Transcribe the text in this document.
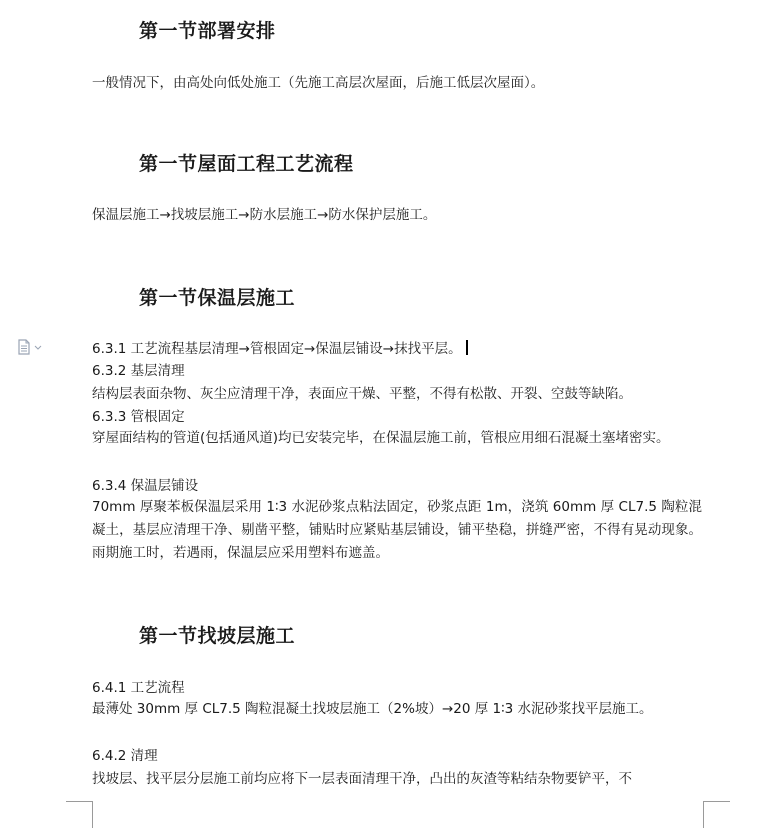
第一节部署安排
一般情况下，由高处向低处施工（先施工高层次屋面，后施工低层次屋面）。
第一节屋面工程工艺流程
保温层施工→找坡层施工→防水层施工→防水保护层施工。
第一节保温层施工
6.3.1 工艺流程基层清理→管根固定→保温层铺设→抹找平层。
6.3.2 基层清理
结构层表面杂物、灰尘应清理干净，表面应干燥、平整，不得有松散、开裂、空鼓等缺陷。
6.3.3 管根固定
穿屋面结构的管道(包括通风道)均已安装完毕，在保温层施工前，管根应用细石混凝土塞堵密实。
6.3.4 保温层铺设
70mm 厚聚苯板保温层采用 1∶3 水泥砂浆点粘法固定，砂浆点距 1m，浇筑 60mm 厚 CL7.5 陶粒混凝土，基层应清理干净、剔凿平整，铺贴时应紧贴基层铺设，铺平垫稳，拼缝严密，不得有晃动现象。雨期施工时，若遇雨，保温层应采用塑料布遮盖。
第一节找坡层施工
6.4.1 工艺流程
最薄处 30mm 厚 CL7.5 陶粒混凝土找坡层施工（2%坡）→20 厚 1∶3 水泥砂浆找平层施工。
6.4.2 清理
找坡层、找平层分层施工前均应将下一层表面清理干净，凸出的灰渣等粘结杂物要铲平，不
